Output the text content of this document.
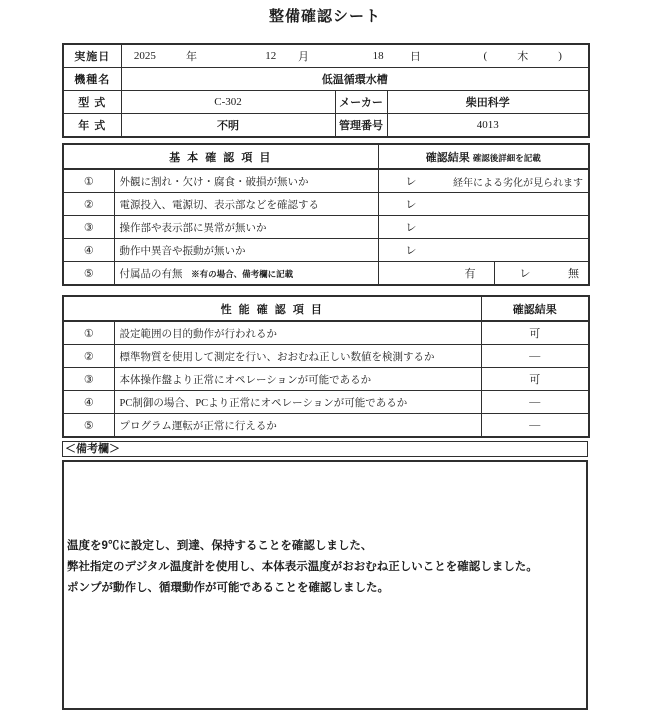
整備確認シート
実施日	2025	年	12 月	18 日	(	木	)

機種名	低温循環水槽		
型 式	C-302	メーカー	柴田科学
年 式	不明	管理番号	4013
基 本 確 認 項 目		確認結果 確認後詳細を記載	
①	外観に割れ・欠け・腐食・破損が無いか	レ 経年による劣化が見られます	

②	電源投入、電源切、表示部などを確認する	レ	
③	操作部や表示部に異常が無いか	レ	
④	動作中異音や振動が無いか	レ	
⑤	付属品の有無 ※有の場合、備考欄に記載	有	レ 無
性 能 確 認 項 目		確認結果
①	設定範囲の目的動作が行われるか	可
②	標準物質を使用して測定を行い、おおむね正しい数値を検測するか	―
③	本体操作盤より正常にオペレーションが可能であるか	可
④	PC制御の場合、PCより正常にオペレーションが可能であるか	―
⑤	プログラム運転が正常に行えるか	―
＜備考欄＞

温度を9℃に設定し、到達、保持することを確認しました、

弊社指定のデジタル温度計を使用し、本体表示温度がおおむね正しいことを確認しました。

ポンプが動作し、循環動作が可能であることを確認しました。
